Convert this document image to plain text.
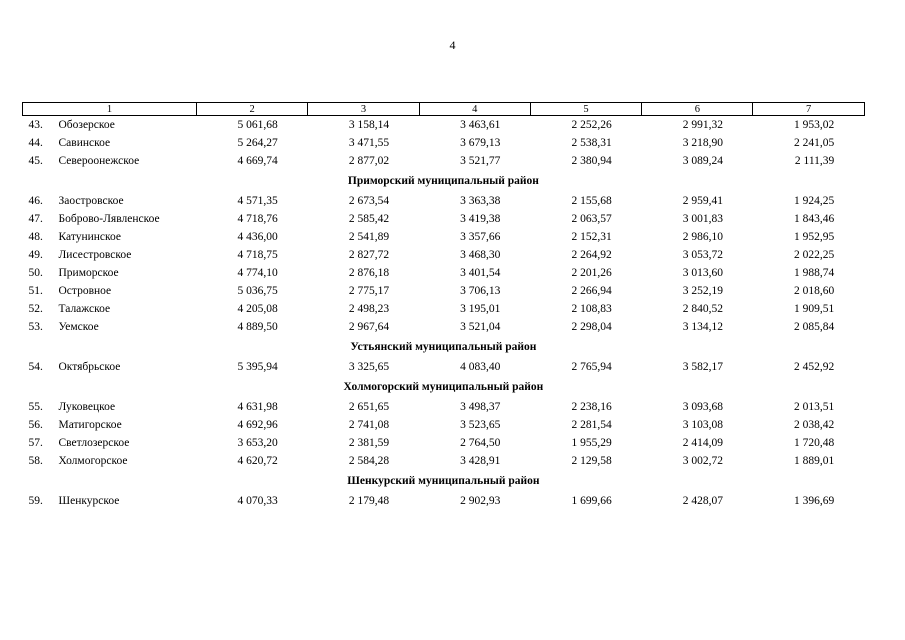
4
1	2	3	4	5	6	7
43. Обозерское	5 061,68	3 158,14	3 463,61	2 252,26	2 991,32	1 953,02
44. Савинское	5 264,27	3 471,55	3 679,13	2 538,31	3 218,90	2 241,05
45. Североонежское	4 669,74	2 877,02	3 521,77	2 380,94	3 089,24	2 111,39
Приморский муниципальный район						
46. Заостровское	4 571,35	2 673,54	3 363,38	2 155,68	2 959,41	1 924,25
47. Боброво-Лявленское	4 718,76	2 585,42	3 419,38	2 063,57	3 001,83	1 843,46
48. Катунинское	4 436,00	2 541,89	3 357,66	2 152,31	2 986,10	1 952,95
49. Лисестровское	4 718,75	2 827,72	3 468,30	2 264,92	3 053,72	2 022,25
50. Приморское	4 774,10	2 876,18	3 401,54	2 201,26	3 013,60	1 988,74
51. Островное	5 036,75	2 775,17	3 706,13	2 266,94	3 252,19	2 018,60
52. Талажское	4 205,08	2 498,23	3 195,01	2 108,83	2 840,52	1 909,51
53. Уемское	4 889,50	2 967,64	3 521,04	2 298,04	3 134,12	2 085,84
Устьянский муниципальный район						
54. Октябрьское	5 395,94	3 325,65	4 083,40	2 765,94	3 582,17	2 452,92
Холмогорский муниципальный район						
55. Луковецкое	4 631,98	2 651,65	3 498,37	2 238,16	3 093,68	2 013,51
56. Матигорское	4 692,96	2 741,08	3 523,65	2 281,54	3 103,08	2 038,42
57. Светлозерское	3 653,20	2 381,59	2 764,50	1 955,29	2 414,09	1 720,48
58. Холмогорское	4 620,72	2 584,28	3 428,91	2 129,58	3 002,72	1 889,01
Шенкурский муниципальный район						
59. Шенкурское	4 070,33	2 179,48	2 902,93	1 699,66	2 428,07	1 396,69
